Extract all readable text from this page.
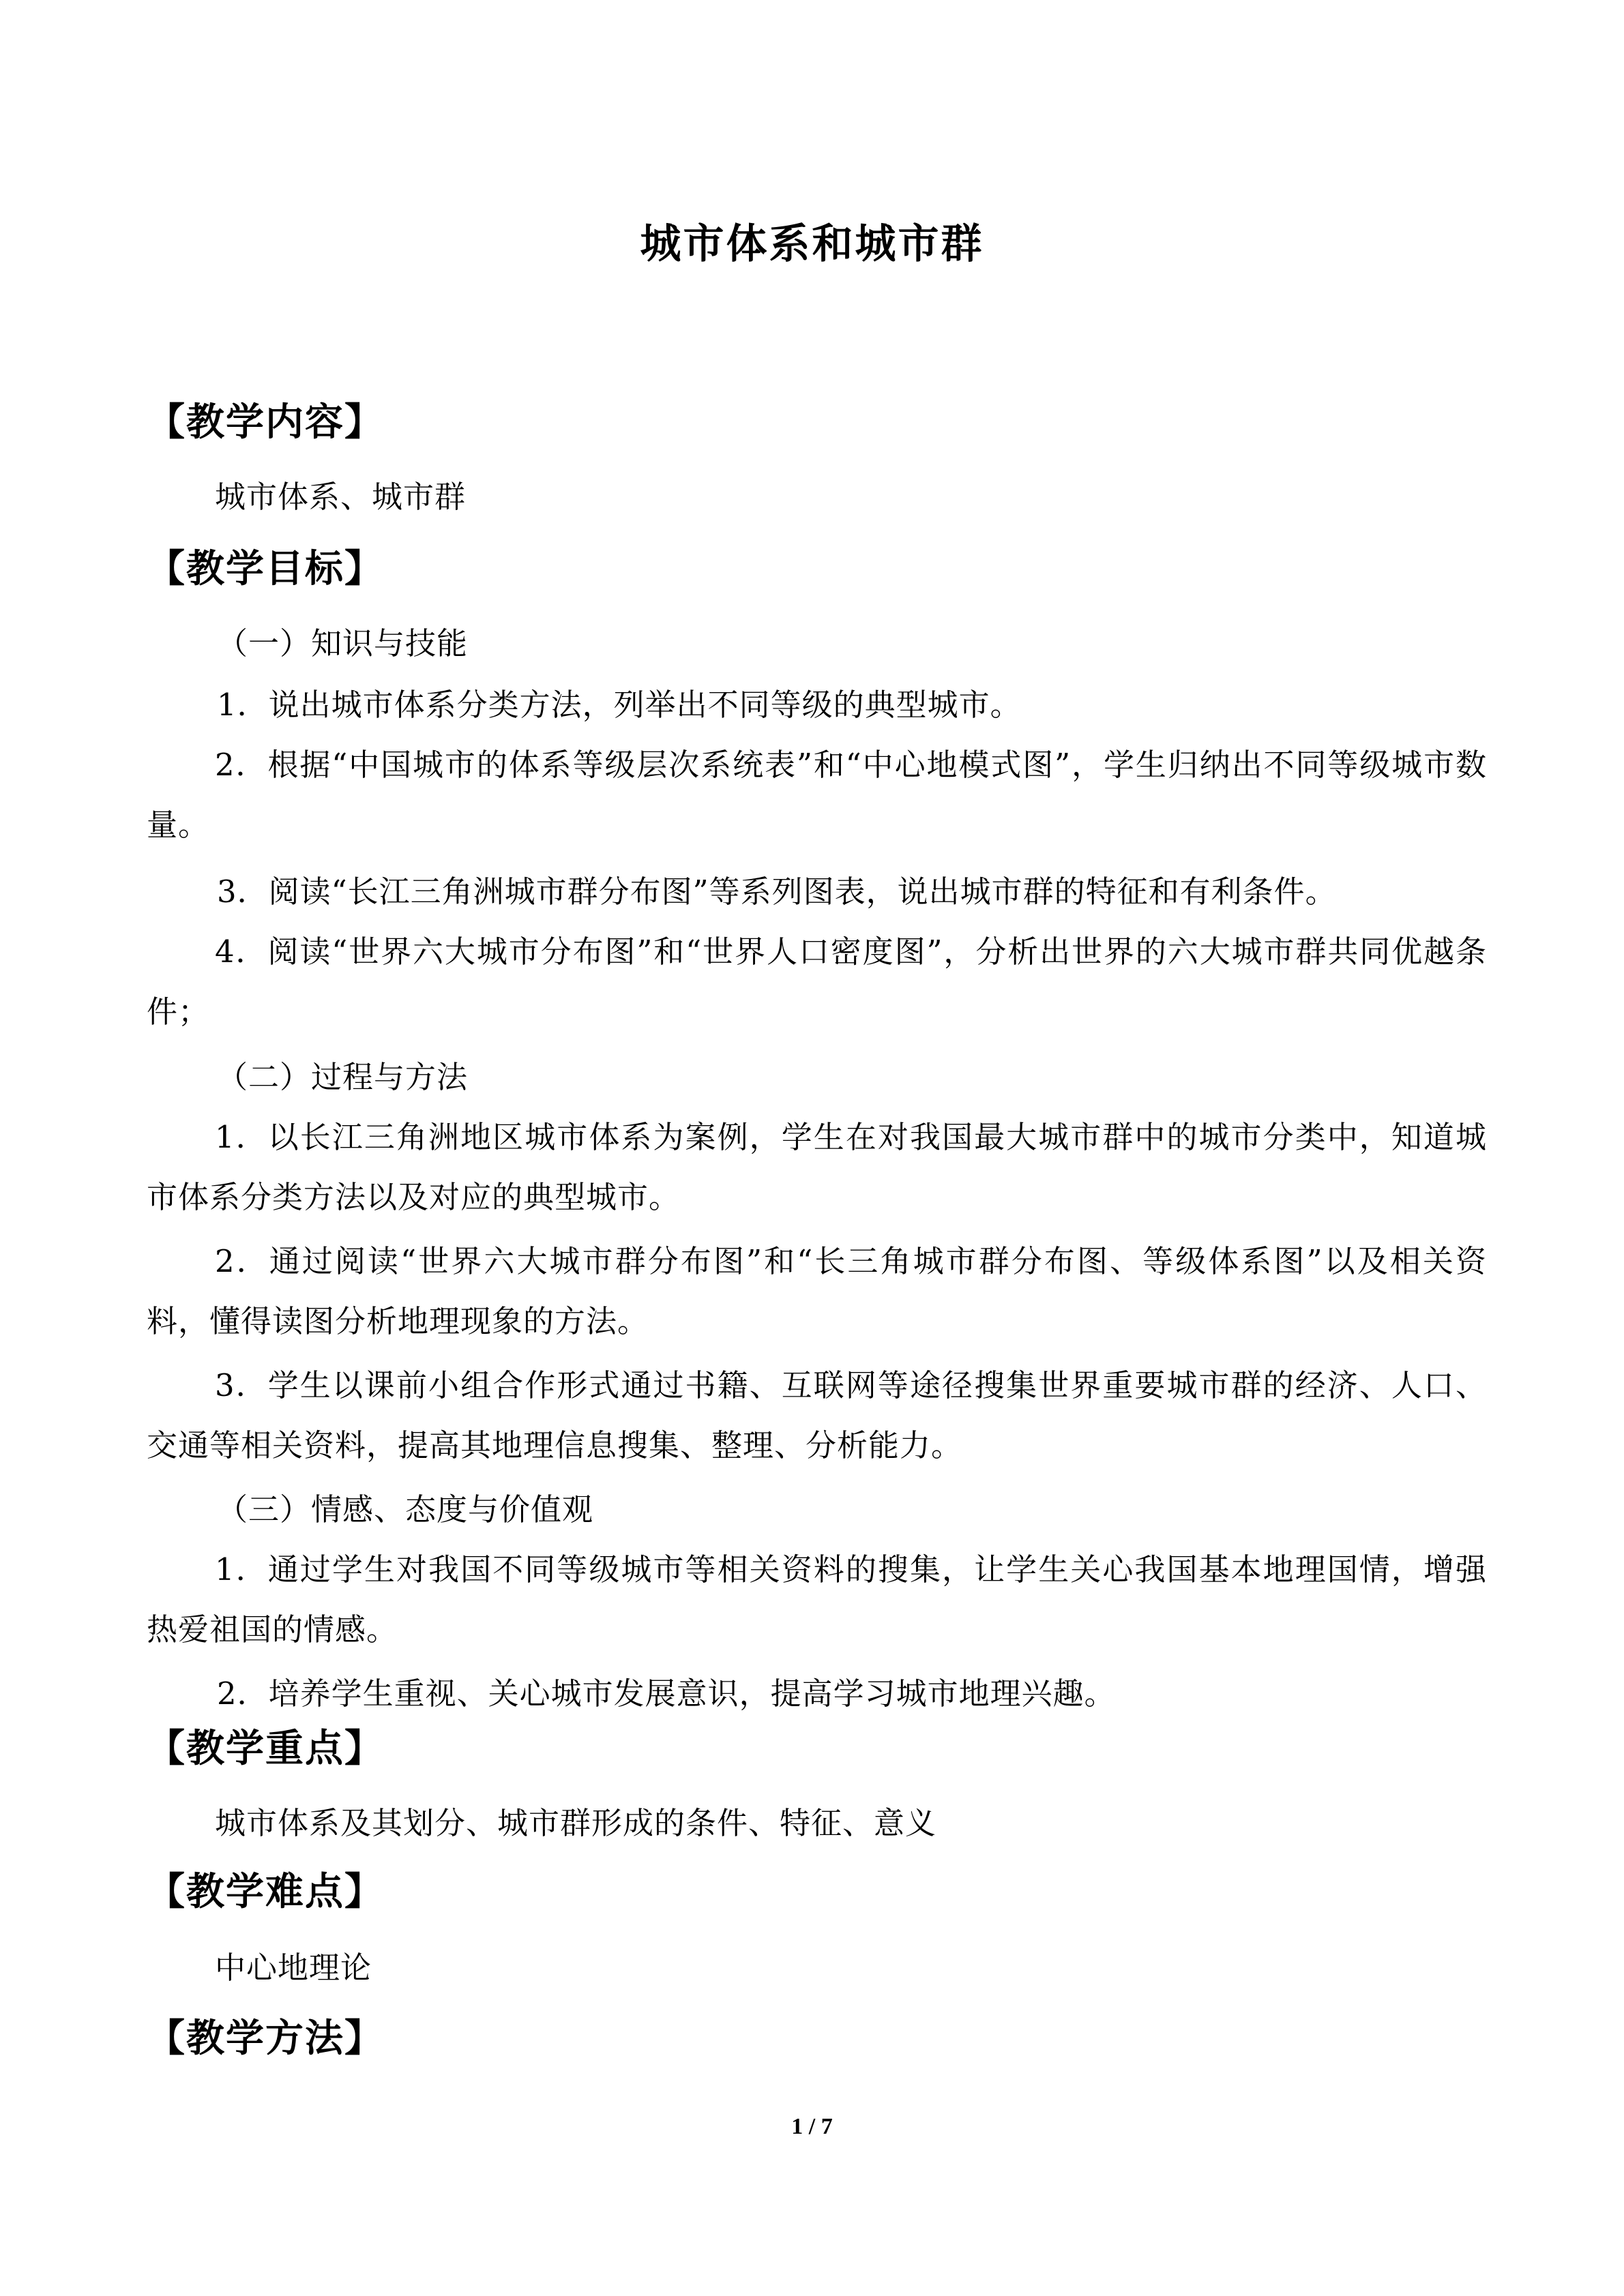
城市体系和城市群
【教学内容】
城市体系、城市群
【教学目标】
（一）知识与技能
1．说出城市体系分类方法，列举出不同等级的典型城市。
2．根据“中国城市的体系等级层次系统表”和“中心地模式图”，学生归纳出不同等级城市数量。
3．阅读“长江三角洲城市群分布图”等系列图表，说出城市群的特征和有利条件。
4．阅读“世界六大城市分布图”和“世界人口密度图”，分析出世界的六大城市群共同优越条件；
（二）过程与方法
1．以长江三角洲地区城市体系为案例，学生在对我国最大城市群中的城市分类中，知道城市体系分类方法以及对应的典型城市。
2．通过阅读“世界六大城市群分布图”和“长三角城市群分布图、等级体系图”以及相关资料，懂得读图分析地理现象的方法。
3．学生以课前小组合作形式通过书籍、互联网等途径搜集世界重要城市群的经济、人口、交通等相关资料，提高其地理信息搜集、整理、分析能力。
（三）情感、态度与价值观
1．通过学生对我国不同等级城市等相关资料的搜集，让学生关心我国基本地理国情，增强热爱祖国的情感。
2．培养学生重视、关心城市发展意识，提高学习城市地理兴趣。
【教学重点】
城市体系及其划分、城市群形成的条件、特征、意义
【教学难点】
中心地理论
【教学方法】
1 / 7
